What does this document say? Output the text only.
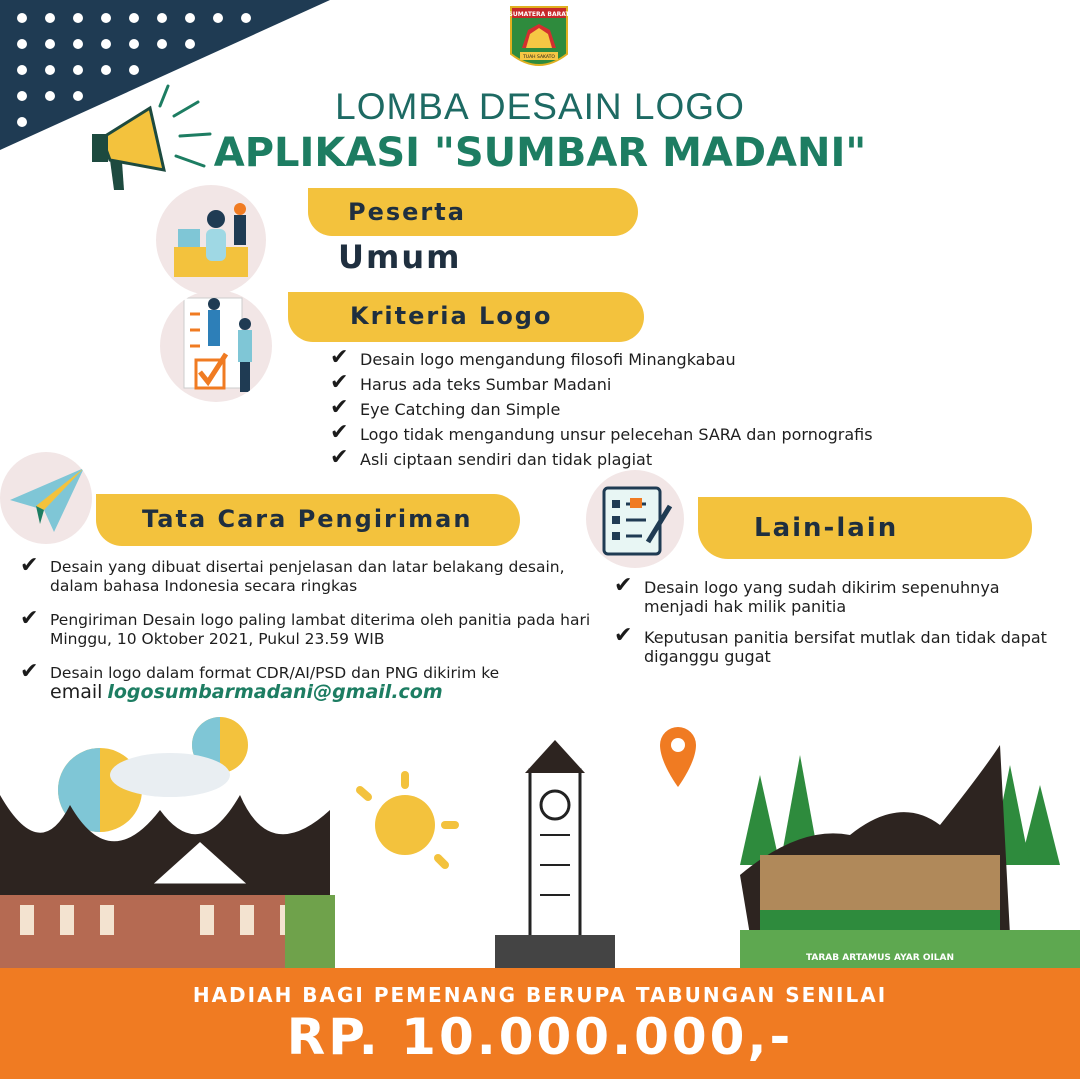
SUMATERA BARAT
TUAH SAKATO
LOMBA DESAIN LOGO
APLIKASI "SUMBAR MADANI"
Peserta
Umum
Kriteria Logo
✔ Desain logo mengandung filosofi Minangkabau
✔ Harus ada teks Sumbar Madani
✔ Eye Catching dan Simple
✔ Logo tidak mengandung unsur pelecehan SARA dan pornografis
✔ Asli ciptaan sendiri dan tidak plagiat
Tata Cara Pengiriman
✔ Desain yang dibuat disertai penjelasan dan latar belakang desain, dalam bahasa Indonesia secara ringkas
✔ Pengiriman Desain logo paling lambat diterima oleh panitia pada hari Minggu, 10 Oktober 2021, Pukul 23.59 WIB
✔ Desain logo dalam format CDR/AI/PSD dan PNG dikirim ke
email logosumbarmadani@gmail.com
Lain-lain
✔ Desain logo yang sudah dikirim sepenuhnya menjadi hak milik panitia
✔ Keputusan panitia bersifat mutlak dan tidak dapat diganggu gugat
TARAB ARTAMUS AYAR OILAN
HADIAH BAGI PEMENANG BERUPA TABUNGAN SENILAI
RP. 10.000.000,-
